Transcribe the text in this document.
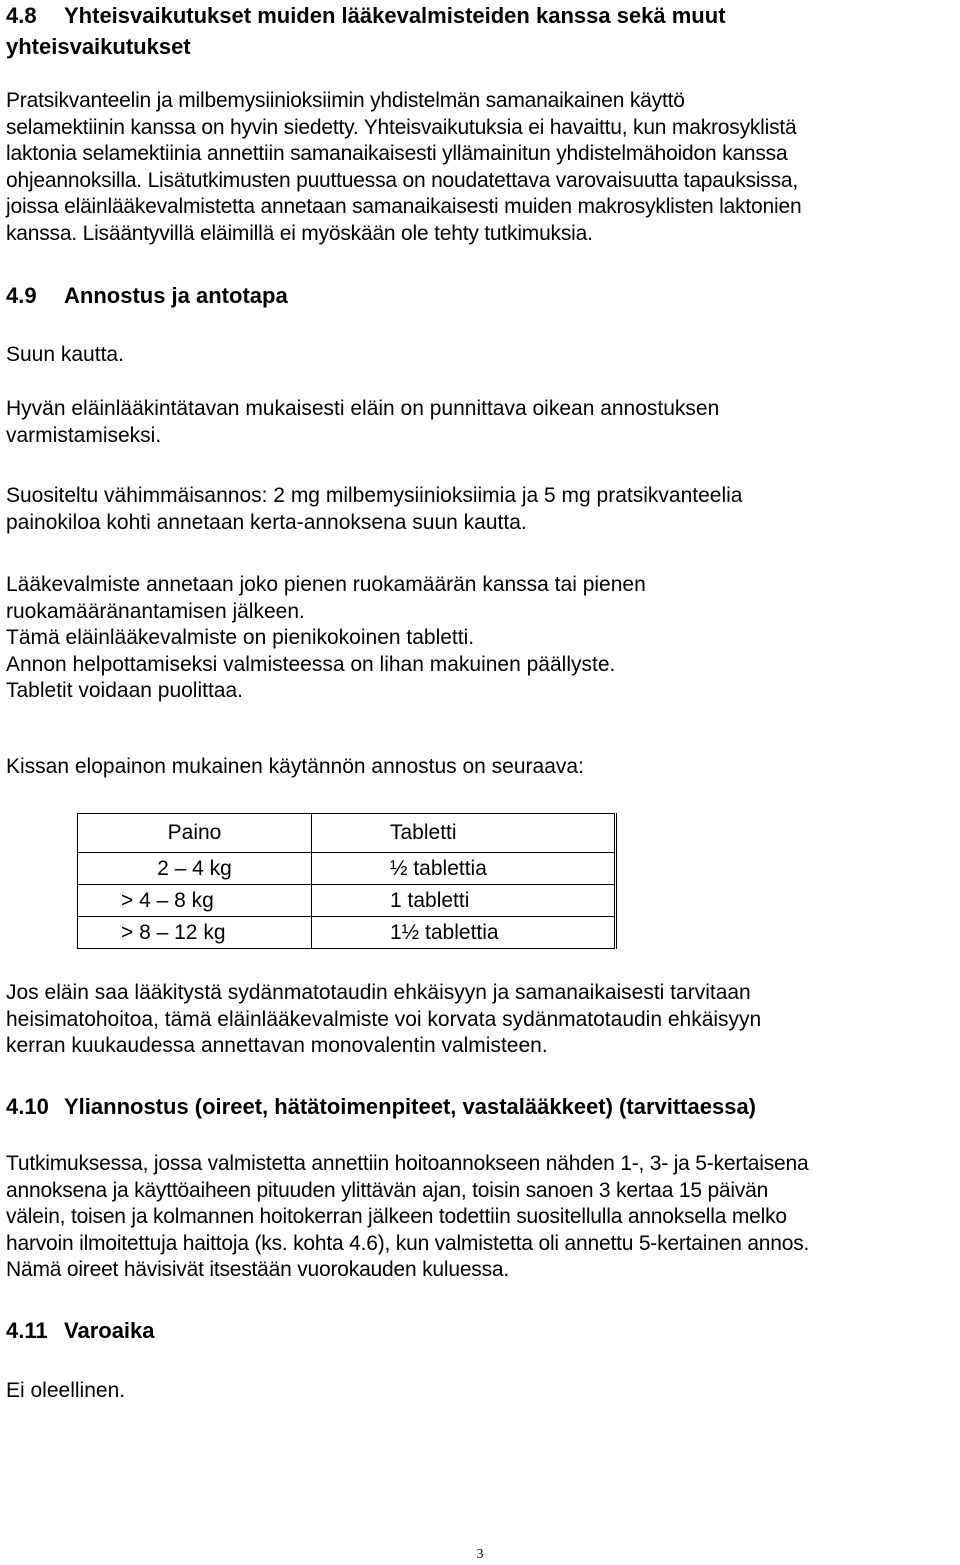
4.8 Yhteisvaikutukset muiden lääkevalmisteiden kanssa sekä muut
yhteisvaikutukset
Pratsikvanteelin ja milbemysiinioksiimin yhdistelmän samanaikainen käyttö
selamektiinin kanssa on hyvin siedetty. Yhteisvaikutuksia ei havaittu, kun makrosyklistä
laktonia selamektiinia annettiin samanaikaisesti yllämainitun yhdistelmähoidon kanssa
ohjeannoksilla. Lisätutkimusten puuttuessa on noudatettava varovaisuutta tapauksissa,
joissa eläinlääkevalmistetta annetaan samanaikaisesti muiden makrosyklisten laktonien
kanssa. Lisääntyvillä eläimillä ei myöskään ole tehty tutkimuksia.
4.9 Annostus ja antotapa
Suun kautta.
Hyvän eläinlääkintätavan mukaisesti eläin on punnittava oikean annostuksen
varmistamiseksi.
Suositeltu vähimmäisannos: 2 mg milbemysiinioksiimia ja 5 mg pratsikvanteelia
painokiloa kohti annetaan kerta-annoksena suun kautta.
Lääkevalmiste annetaan joko pienen ruokamäärän kanssa tai pienen
ruokamääränantamisen jälkeen.
Tämä eläinlääkevalmiste on pienikokoinen tabletti.
Annon helpottamiseksi valmisteessa on lihan makuinen päällyste.
Tabletit voidaan puolittaa.
Kissan elopainon mukainen käytännön annostus on seuraava:
Paino	Tabletti
2 – 4 kg	½ tablettia
> 4 – 8 kg	1 tabletti
> 8 – 12 kg	1½ tablettia
Jos eläin saa lääkitystä sydänmatotaudin ehkäisyyn ja samanaikaisesti tarvitaan
heisimatohoitoa, tämä eläinlääkevalmiste voi korvata sydänmatotaudin ehkäisyyn
kerran kuukaudessa annettavan monovalentin valmisteen.
4.10 Yliannostus (oireet, hätätoimenpiteet, vastalääkkeet) (tarvittaessa)
Tutkimuksessa, jossa valmistetta annettiin hoitoannokseen nähden 1-, 3- ja 5-kertaisena
annoksena ja käyttöaiheen pituuden ylittävän ajan, toisin sanoen 3 kertaa 15 päivän
välein, toisen ja kolmannen hoitokerran jälkeen todettiin suositellulla annoksella melko
harvoin ilmoitettuja haittoja (ks. kohta 4.6), kun valmistetta oli annettu 5-kertainen annos.
Nämä oireet hävisivät itsestään vuorokauden kuluessa.
4.11 Varoaika
Ei oleellinen.
3
